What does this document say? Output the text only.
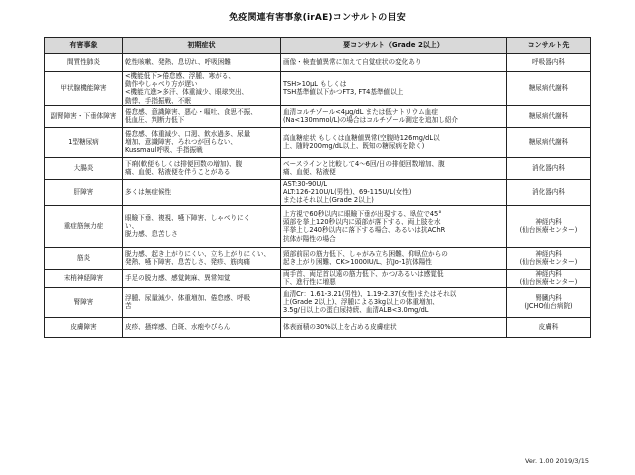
免疫関連有害事象(irAE)コンサルトの目安
有害事象	初期症状	要コンサルト（Grade 2以上）	コンサルト先
間質性肺炎	乾性咳嗽、発熱、息切れ、呼吸困難	画像・検査値異常に加えて自覚症状の変化あり	呼吸器内科

甲状腺機能障害	<機能低下>倦怠感、浮腫、寒がる、
動作やしゃべり方が遅い
<機能亢進>多汗、体重減少、眼球突出、
動悸、手指振戦、不眠	TSH>10μL もしくは
TSH基準値以下かつFT3, FT4基準値以上	糖尿病代謝科

副腎障害・下垂体障害	倦怠感、意識障害、悪心・嘔吐、食思不振、
低血圧、判断力低下	血清コルチゾール<4μg/dL または低ナトリウム血症
(Na<130mmol/L)の場合はコルチゾール測定を追加し紹介	糖尿病代謝科

1型糖尿病	倦怠感、体重減少、口渇、飲水過多、尿量
増加、意識障害、ろれつが回らない、
Kussmaul呼吸、手指振戦	高血糖症状 もしくは血糖値異常(空腹時126mg/dL以
上、随時200mg/dL以上、既知の糖尿病を除く)	糖尿病代謝科

大腸炎	下痢(軟便もしくは排便回数の増加)、腹
痛、血便、粘液便を伴うことがある	ベースラインと比較して4～6回/日の排便回数増加、腹
痛、血便、粘液便	消化器内科

肝障害	多くは無症候性	AST:30-90U/L
ALT:126-210U/L(男性)、69-115U/L(女性)
またはそれ以上(Grade 2以上)	消化器内科

重症筋無力症	眼瞼下垂、複視、嚥下障害、しゃべりにく
い、
脱力感、息苦しさ	上方視で60秒以内に眼瞼下垂が出現する、臥位で45°
頭部を挙上120秒以内に頭部が落下する、両上肢を水
平挙上し240秒以内に落下する場合、あるいは抗AChR
抗体が陽性の場合	神経内科
(仙台医療センター)

筋炎	脱力感、起き上がりにくい、立ち上がりにくい、
発熱、嚥下障害、息苦しさ、発疹、筋肉痛	頸部前屈の筋力低下、しゃがみ立ち困難、仰臥位からの
起き上がり困難、CK>1000IU/L、抗Jo-1抗体陽性	神経内科
(仙台医療センター)

末梢神経障害	手足の脱力感、感覚鈍麻、異常知覚	両手首、両足首以遠の筋力低下、かつ/あるいは感覚低
下、進行性に増悪	神経内科
(仙台医療センター)

腎障害	浮腫、尿量減少、体重増加、倦怠感、呼吸
苦	血清Cr：1.61-3.21(男性)、1.19-2.37(女性)またはそれ以
上(Grade 2以上)、浮腫による3kg以上の体重増加、
3.5g/日以上の蛋白尿持続、血清ALB<3.0mg/dL	腎臓内科
(JCHO仙台病院)

皮膚障害	皮疹、掻痒感、白斑、水疱やびらん	体表面積の30%以上を占める皮膚症状	皮膚科
Ver. 1.00 2019/3/15
